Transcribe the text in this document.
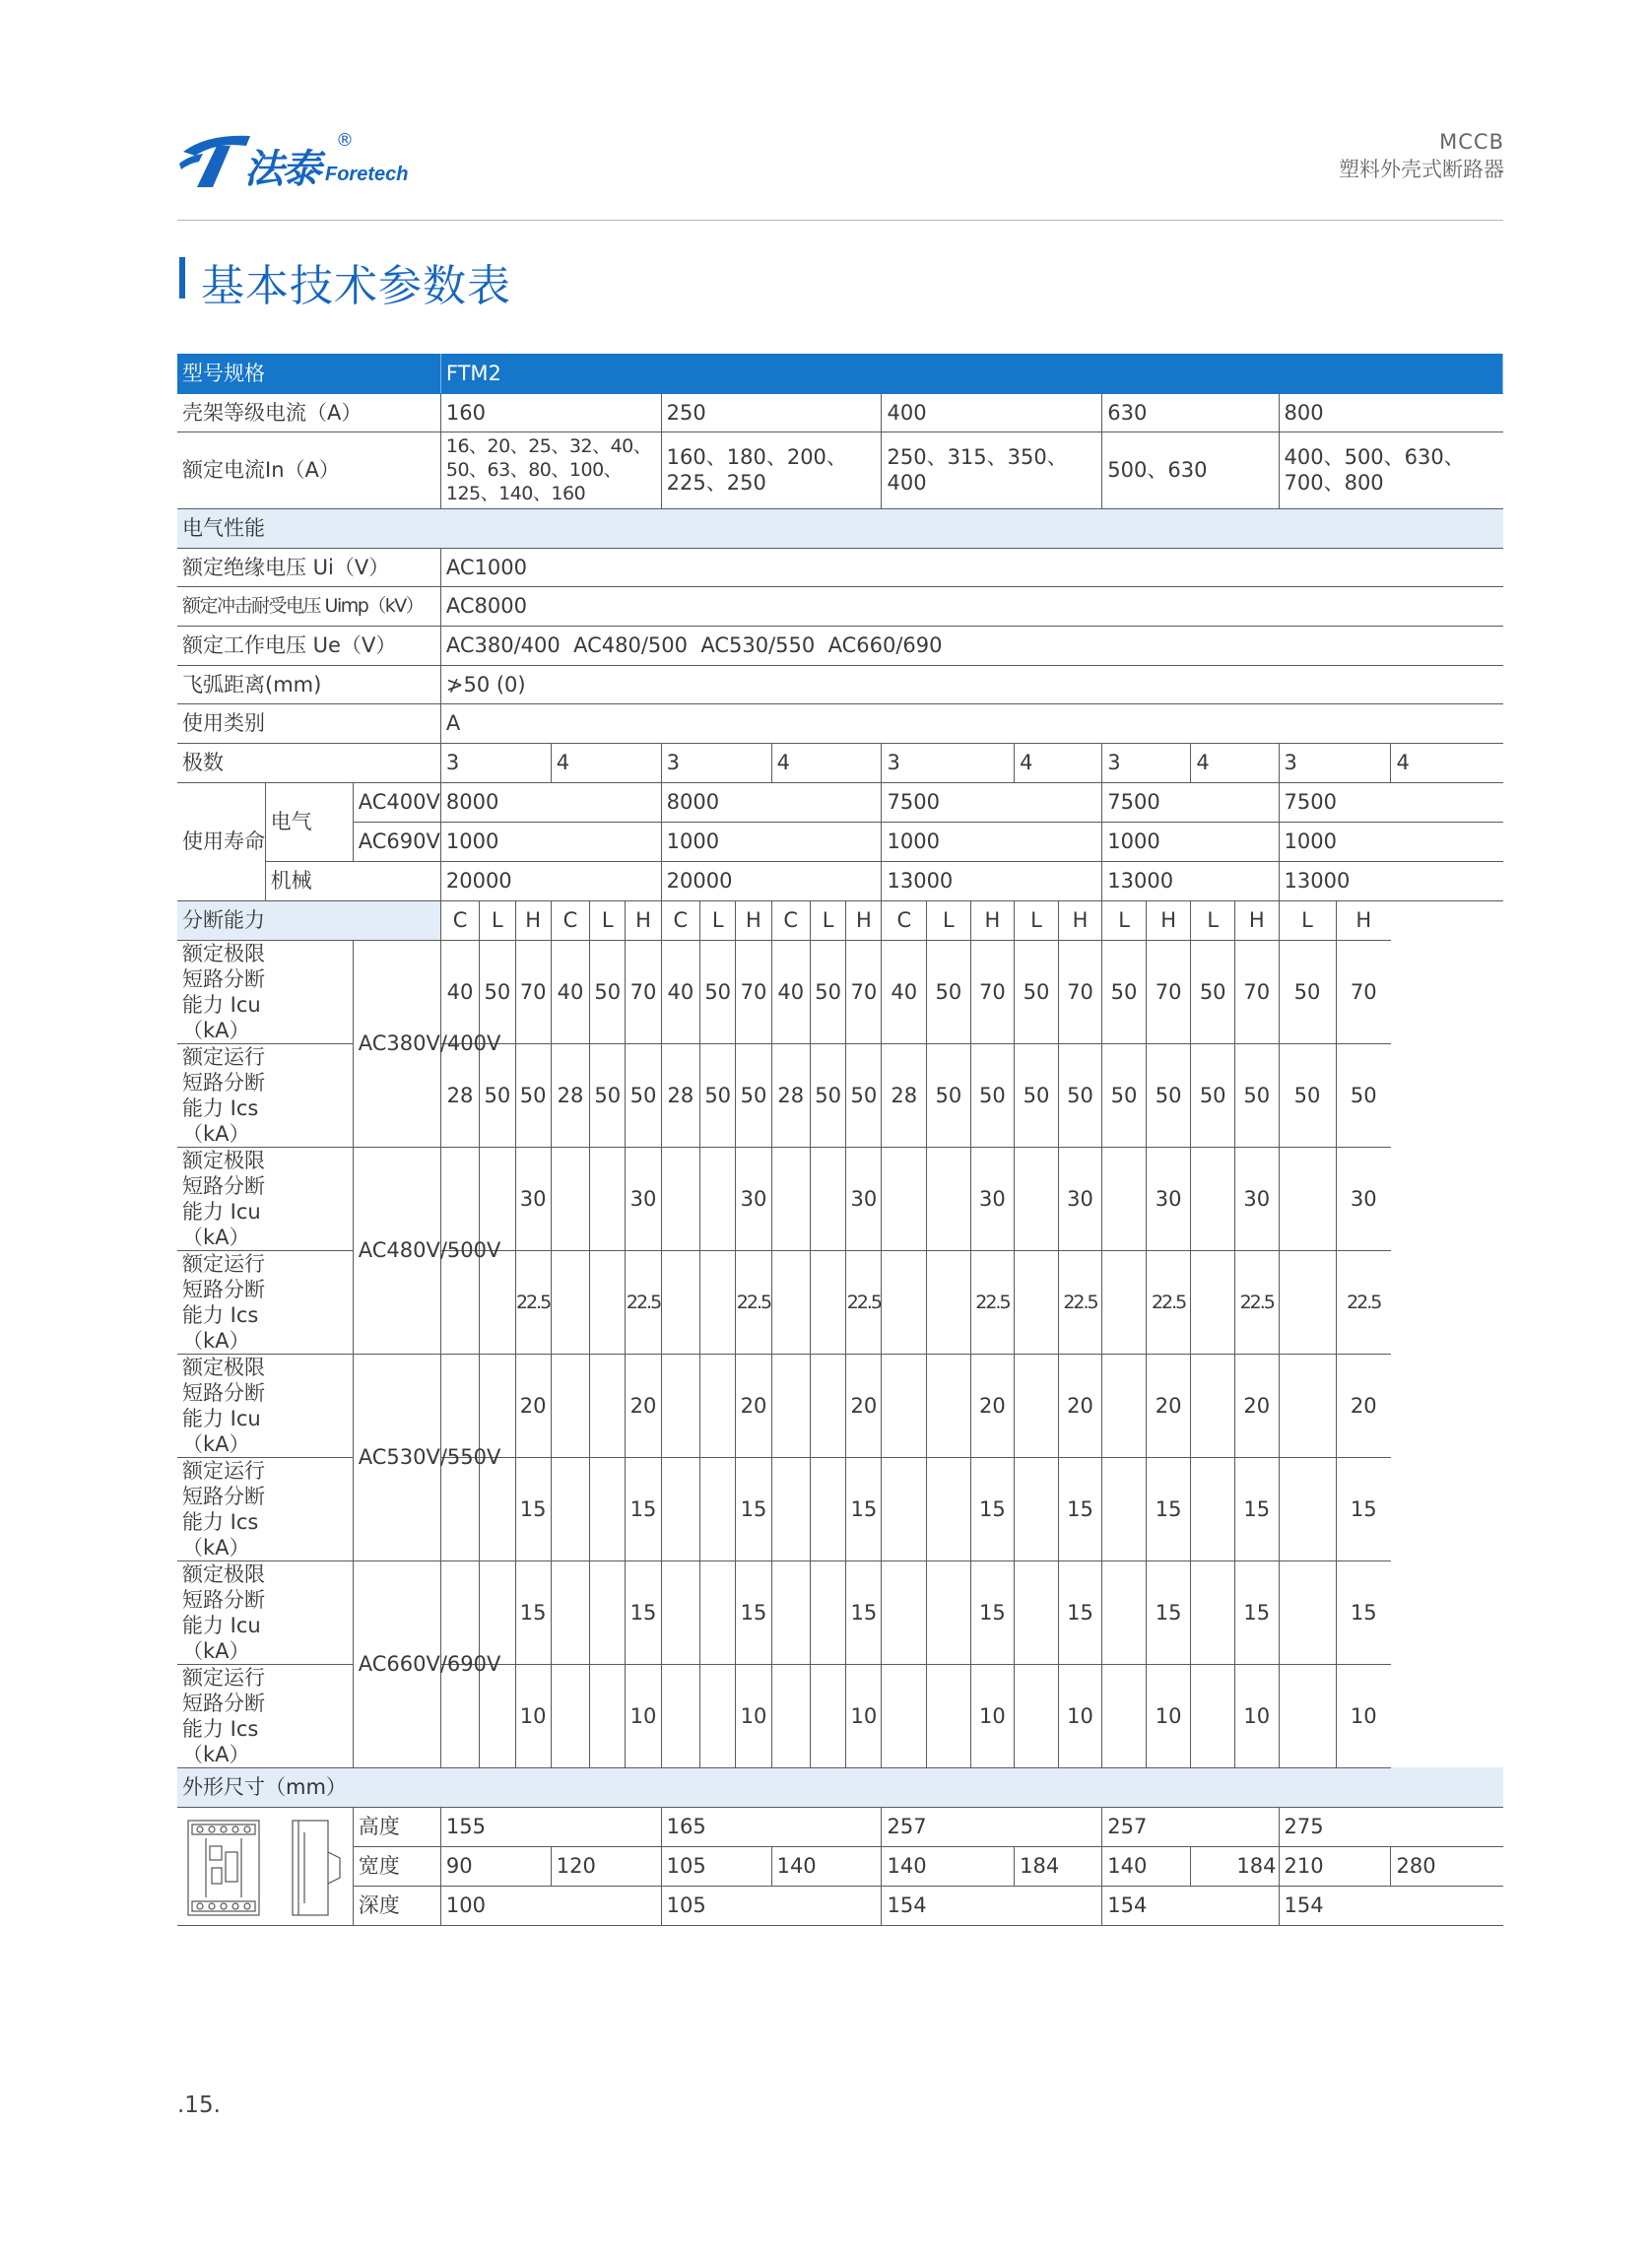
法泰
®
Foretech
MCCB
塑料外壳式断路器
基本技术参数表
型号规格			FTM2																							
壳架等级电流（A）			160						250						400					630				800		
额定电流In（A）			16、20、25、32、40、50、63、80、100、125、140、160						160、180、200、225、250						250、315、350、400					500、630				400、500、630、700、800		
电气性能																										
额定绝缘电压 Ui（V）			AC1000																							
额定冲击耐受电压 Uimp（kV）			AC8000																							
额定工作电压 Ue（V）			AC380/400  AC480/500  AC530/550  AC660/690																							
飞弧距离(mm)			≯50 (0)																							
使用类别			A																							
极数			3			4			3			4			3			4		3		4		3		4
使用寿命	电气	AC400V	8000						8000						7500					7500				7500		
		AC690V	1000						1000						1000					1000				1000		
	机械		20000						20000						13000					13000				13000		
分断能力			C	L	H	C	L	H	C	L	H	C	L	H	C	L	H	L	H	L	H	L	H	L	H	
额定极限短路分断能力 Icu（kA）		AC380V/400V	40	50	70	40	50	70	40	50	70	40	50	70	40	50	70	50	70	50	70	50	70	50	70	
额定运行短路分断能力 Ics（kA）			28	50	50	28	50	50	28	50	50	28	50	50	28	50	50	50	50	50	50	50	50	50	50	
额定极限短路分断能力 Icu（kA）		AC480V/500V			30			30			30			30			30		30		30		30		30	
额定运行短路分断能力 Ics（kA）					22.5			22.5			22.5			22.5			22.5		22.5		22.5		22.5		22.5	
额定极限短路分断能力 Icu（kA）		AC530V/550V			20			20			20			20			20		20		20		20		20	
额定运行短路分断能力 Ics（kA）					15			15			15			15			15		15		15		15		15	
额定极限短路分断能力 Icu（kA）		AC660V/690V			15			15			15			15			15		15		15		15		15	
额定运行短路分断能力 Ics（kA）					10			10			10			10			10		10		10		10		10	
外形尺寸（mm）																										

	高度	155						165						257					257				275		
		宽度	90			120			105			140			140			184		140		184		210		280
		深度	100						105						154					154				154		
.15.
